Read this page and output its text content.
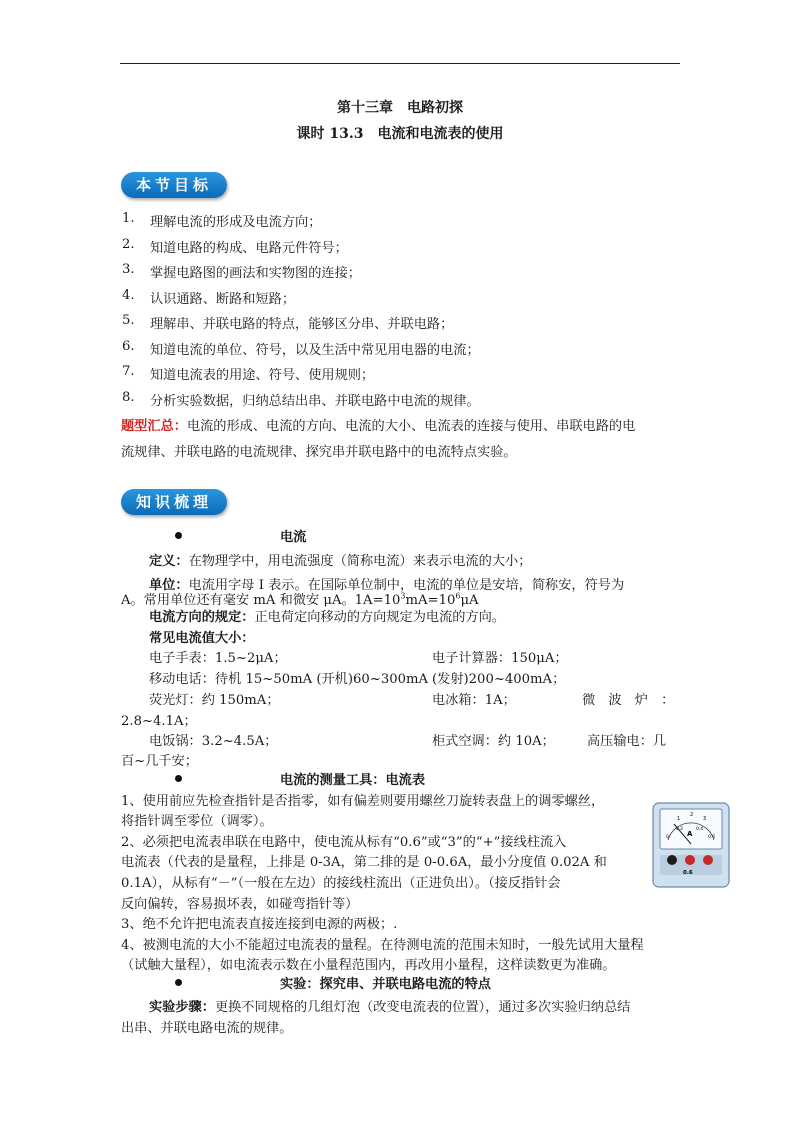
第十三章　电路初探
课时 13.3　电流和电流表的使用
本节目标
1. 理解电流的形成及电流方向；
2. 知道电路的构成、电路元件符号；
3. 掌握电路图的画法和实物图的连接；
4. 认识通路、断路和短路；
5. 理解串、并联电路的特点，能够区分串、并联电路；
6. 知道电流的单位、符号，以及生活中常见用电器的电流；
7. 知道电流表的用途、符号、使用规则；
8. 分析实验数据，归纳总结出串、并联电路中电流的规律。
题型汇总：电流的形成、电流的方向、电流的大小、电流表的连接与使用、串联电路的电
流规律、并联电路的电流规律、探究串并联电路中的电流特点实验。
知识梳理
电流
定义：在物理学中，用电流强度（简称电流）来表示电流的大小；
单位：电流用字母 I 表示。在国际单位制中，电流的单位是安培，简称安，符号为
A。常用单位还有毫安 mA 和微安 μA。$1A=10^3mA=10^6\mu A$
电流方向的规定：正电荷定向移动的方向规定为电流的方向。
常见电流值大小：
电子手表：1.5~2μA；	电子计算器：150μA；
移动电话：待机 15~50mA (开机)60~300mA (发射)200~400mA；
荧光灯：约 150mA；	电冰箱：1A；	微　波　炉　：
2.8~4.1A；
电饭锅：3.2~4.5A；	柜式空调：约 10A； 高压输电：几
百~几千安；
电流的测量工具：电流表
1、使用前应先检查指针是否指零，如有偏差则要用螺丝刀旋转表盘上的调零螺丝，
将指针调至零位（调零）。
2、必须把电流表串联在电路中，使电流从标有“0.6”或“3”的“+”接线柱流入
电流表（代表的是量程，上排是 0-3A，第二排的是 0-0.6A，最小分度值 0.02A 和
0.1A），从标有“－”（一般在左边）的接线柱流出（正进负出）。（接反指针会
反向偏转，容易损坏表，如碰弯指针等）
3、绝不允许把电流表直接连接到电源的两极；.
4、被测电流的大小不能超过电流表的量程。在待测电流的范围未知时，一般先试用大量程
（试触大量程），如电流表示数在小量程范围内，再改用小量程，这样读数更为准确。
1
2
3
0
0.2	0.4
0.6
A
0.6
实验：探究串、并联电路电流的特点
实验步骤：更换不同规格的几组灯泡（改变电流表的位置），通过多次实验归纳总结
出串、并联电路电流的规律。
